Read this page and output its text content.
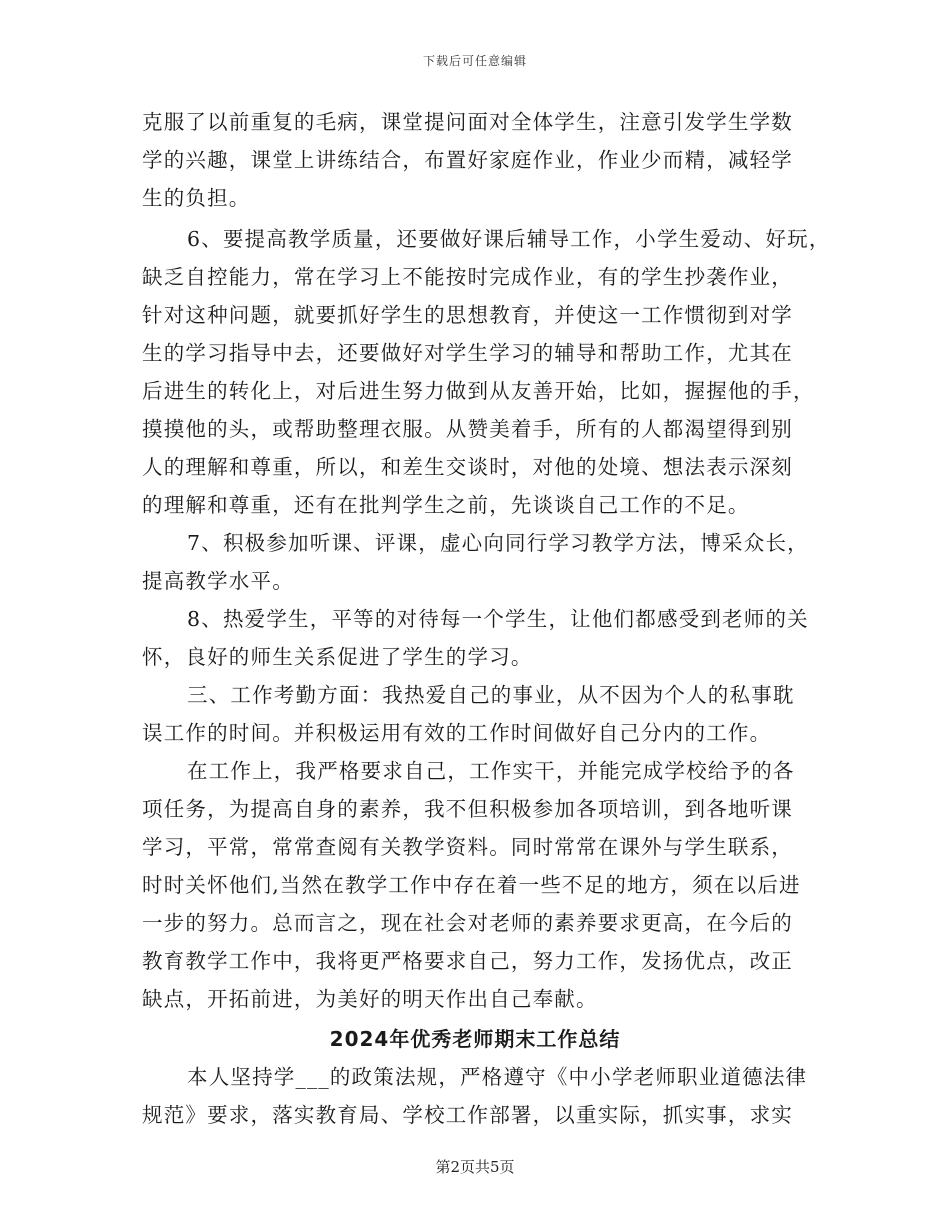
下载后可任意编辑
克服了以前重复的毛病，课堂提问面对全体学生，注意引发学生学数
学的兴趣，课堂上讲练结合，布置好家庭作业，作业少而精，减轻学
生的负担。
6、要提高教学质量，还要做好课后辅导工作，小学生爱动、好玩，
缺乏自控能力，常在学习上不能按时完成作业，有的学生抄袭作业，
针对这种问题，就要抓好学生的思想教育，并使这一工作惯彻到对学
生的学习指导中去，还要做好对学生学习的辅导和帮助工作，尤其在
后进生的转化上，对后进生努力做到从友善开始，比如，握握他的手，
摸摸他的头，或帮助整理衣服。从赞美着手，所有的人都渴望得到别
人的理解和尊重，所以，和差生交谈时，对他的处境、想法表示深刻
的理解和尊重，还有在批判学生之前，先谈谈自己工作的不足。
7、积极参加听课、评课，虚心向同行学习教学方法，博采众长，
提高教学水平。
8、热爱学生，平等的对待每一个学生，让他们都感受到老师的关
怀，良好的师生关系促进了学生的学习。
三、工作考勤方面：我热爱自己的事业，从不因为个人的私事耽
误工作的时间。并积极运用有效的工作时间做好自己分内的工作。
在工作上，我严格要求自己，工作实干，并能完成学校给予的各
项任务，为提高自身的素养，我不但积极参加各项培训，到各地听课
学习，平常，常常查阅有关教学资料。同时常常在课外与学生联系，
时时关怀他们,当然在教学工作中存在着一些不足的地方，须在以后进
一步的努力。总而言之，现在社会对老师的素养要求更高，在今后的
教育教学工作中，我将更严格要求自己，努力工作，发扬优点，改正
缺点，开拓前进，为美好的明天作出自己奉献。
2024年优秀老师期末工作总结
本人坚持学___的政策法规，严格遵守《中小学老师职业道德法律
规范》要求，落实教育局、学校工作部署，以重实际，抓实事，求实
第2页共5页
